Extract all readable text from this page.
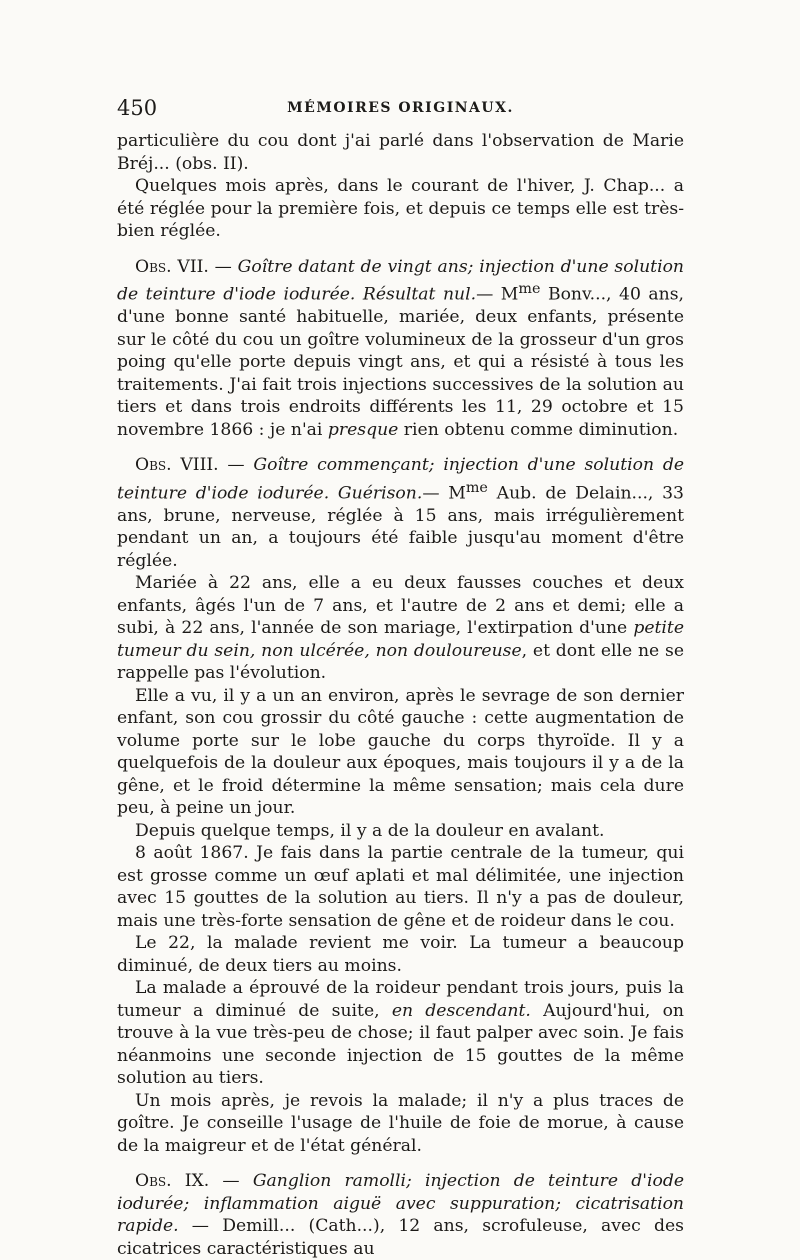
450	MÉMOIRES ORIGINAUX.

particulière du cou dont j'ai parlé dans l'observation de Marie Bréj... (obs. II).

Quelques mois après, dans le courant de l'hiver, J. Chap... a été réglée pour la première fois, et depuis ce temps elle est très-bien réglée.

Obs. VII. — Goître datant de vingt ans; injection d'une solution de teinture d'iode iodurée. Résultat nul.— $M^{me}$ Bonv..., 40 ans, d'une bonne santé habituelle, mariée, deux enfants, présente sur le côté du cou un goître volumineux de la grosseur d'un gros poing qu'elle porte depuis vingt ans, et qui a résisté à tous les traitements. J'ai fait trois injections successives de la solution au tiers et dans trois endroits différents les 11, 29 octobre et 15 novembre 1866 : je n'ai presque rien obtenu comme diminution.

Obs. VIII. — Goître commençant; injection d'une solution de teinture d'iode iodurée. Guérison.— $M^{me}$ Aub. de Delain..., 33 ans, brune, nerveuse, réglée à 15 ans, mais irrégulièrement pendant un an, a toujours été faible jusqu'au moment d'être réglée.

Mariée à 22 ans, elle a eu deux fausses couches et deux enfants, âgés l'un de 7 ans, et l'autre de 2 ans et demi; elle a subi, à 22 ans, l'année de son mariage, l'extirpation d'une petite tumeur du sein, non ulcérée, non douloureuse, et dont elle ne se rappelle pas l'évolution.

Elle a vu, il y a un an environ, après le sevrage de son dernier enfant, son cou grossir du côté gauche : cette augmentation de volume porte sur le lobe gauche du corps thyroïde. Il y a quelquefois de la douleur aux époques, mais toujours il y a de la gêne, et le froid détermine la même sensation; mais cela dure peu, à peine un jour.

Depuis quelque temps, il y a de la douleur en avalant.

8 août 1867. Je fais dans la partie centrale de la tumeur, qui est grosse comme un œuf aplati et mal délimitée, une injection avec 15 gouttes de la solution au tiers. Il n'y a pas de douleur, mais une très-forte sensation de gêne et de roideur dans le cou.

Le 22, la malade revient me voir. La tumeur a beaucoup diminué, de deux tiers au moins.

La malade a éprouvé de la roideur pendant trois jours, puis la tumeur a diminué de suite, en descendant. Aujourd'hui, on trouve à la vue très-peu de chose; il faut palper avec soin. Je fais néanmoins une seconde injection de 15 gouttes de la même solution au tiers.

Un mois après, je revois la malade; il n'y a plus traces de goître. Je conseille l'usage de l'huile de foie de morue, à cause de la maigreur et de l'état général.

Obs. IX. — Ganglion ramolli; injection de teinture d'iode iodurée; inflammation aiguë avec suppuration; cicatrisation rapide. — Demill... (Cath...), 12 ans, scrofuleuse, avec des cicatrices caractéristiques au
